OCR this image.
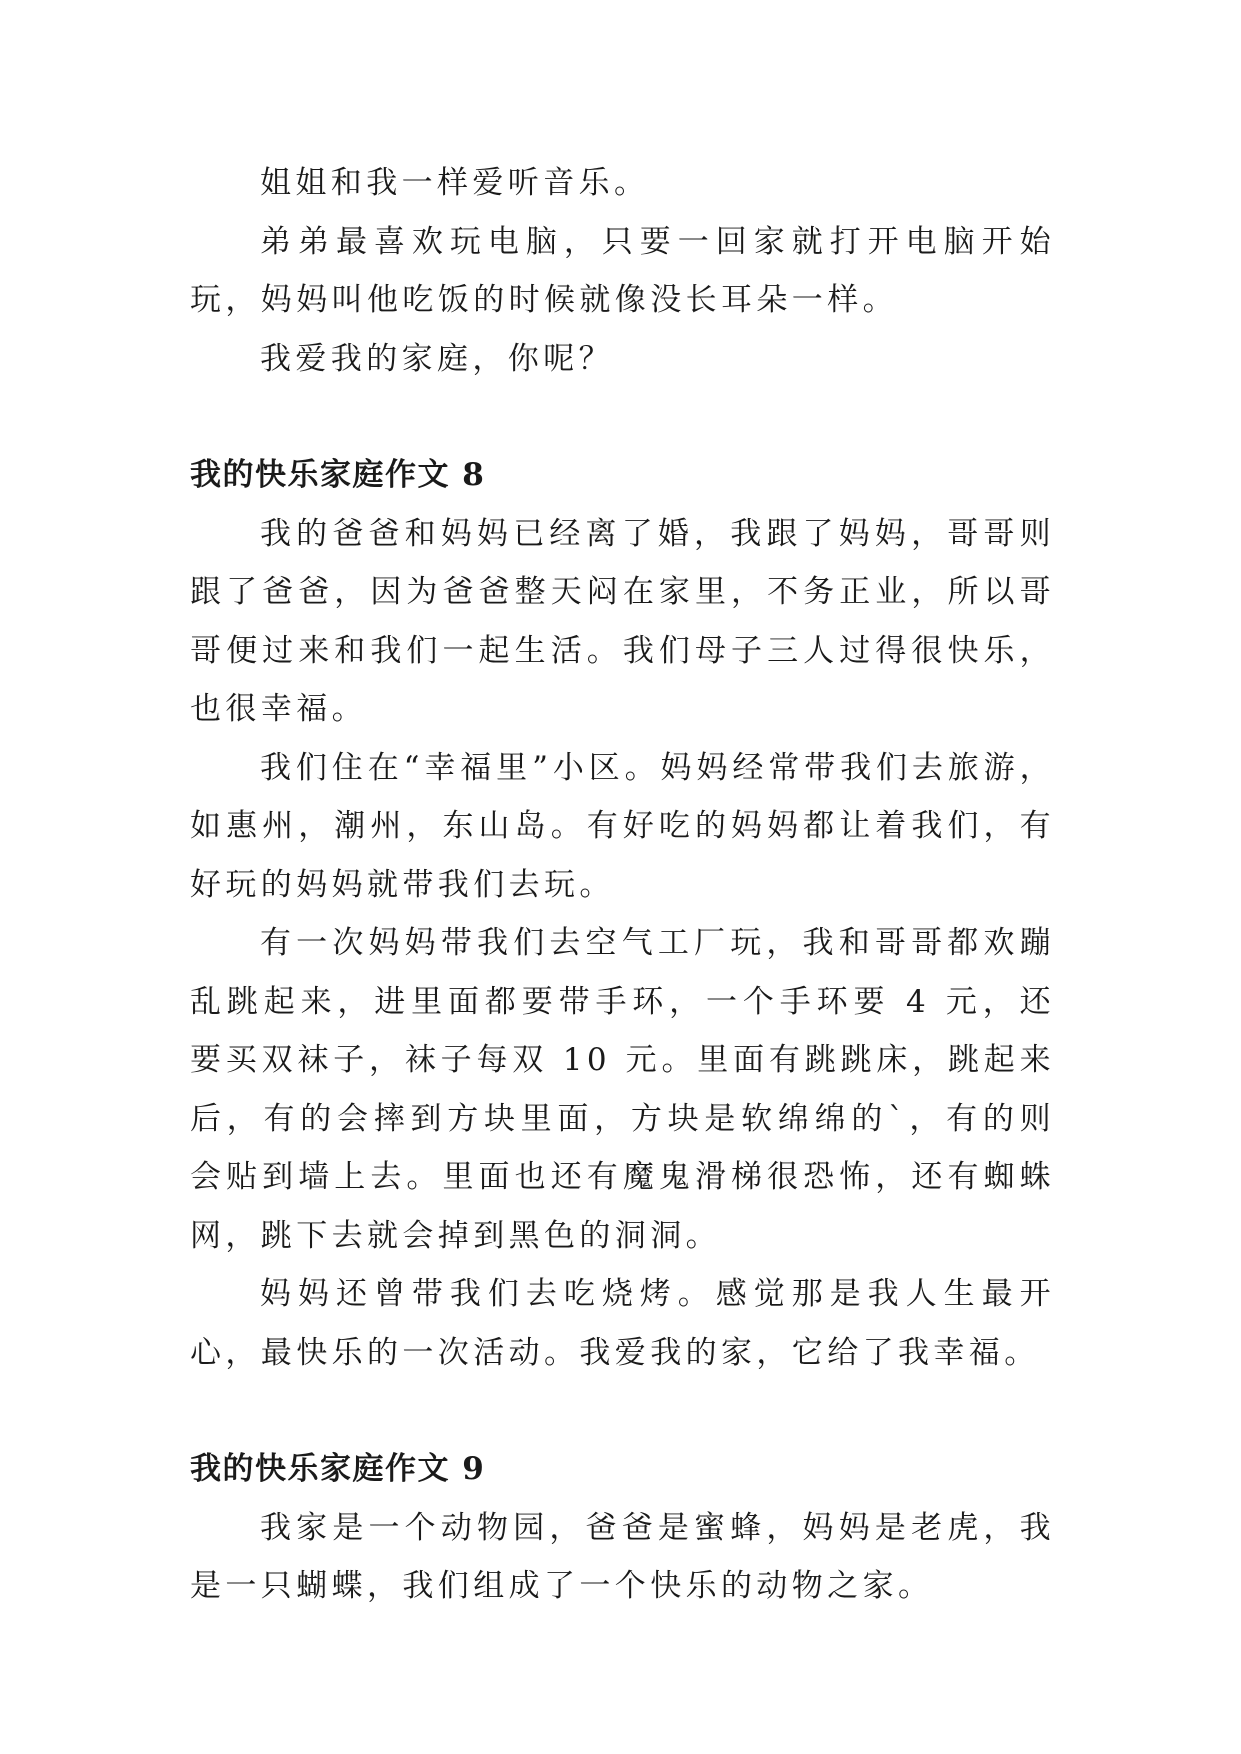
姐姐和我一样爱听音乐。

弟弟最喜欢玩电脑，只要一回家就打开电脑开始玩，妈妈叫他吃饭的时候就像没长耳朵一样。

我爱我的家庭，你呢？

我的快乐家庭作文 8

我的爸爸和妈妈已经离了婚，我跟了妈妈，哥哥则跟了爸爸，因为爸爸整天闷在家里，不务正业，所以哥哥便过来和我们一起生活。我们母子三人过得很快乐，也很幸福。

我们住在“幸福里”小区。妈妈经常带我们去旅游，如惠州，潮州，东山岛。有好吃的妈妈都让着我们，有好玩的妈妈就带我们去玩。

有一次妈妈带我们去空气工厂玩，我和哥哥都欢蹦乱跳起来，进里面都要带手环，一个手环要 4 元，还要买双袜子，袜子每双 10 元。里面有跳跳床，跳起来后，有的会摔到方块里面，方块是软绵绵的`，有的则会贴到墙上去。里面也还有魔鬼滑梯很恐怖，还有蜘蛛网，跳下去就会掉到黑色的洞洞。

妈妈还曾带我们去吃烧烤。感觉那是我人生最开心，最快乐的一次活动。我爱我的家，它给了我幸福。

我的快乐家庭作文 9

我家是一个动物园，爸爸是蜜蜂，妈妈是老虎，我是一只蝴蝶，我们组成了一个快乐的动物之家。
